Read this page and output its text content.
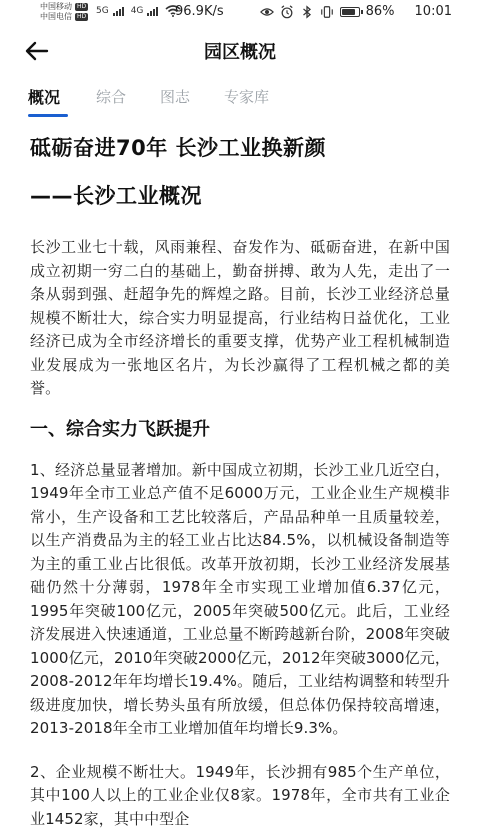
中国移动 HD
中国电信 HD
5G 4G 96.9K/s	86% 10:01
园区概况
概况 综合 图志 专家库
砥砺奋进70年 长沙工业换新颜
——长沙工业概况

长沙工业七十载，风雨兼程、奋发作为、砥砺奋进，在新中国成立初期一穷二白的基础上，勤奋拼搏、敢为人先，走出了一条从弱到强、赶超争先的辉煌之路。目前，长沙工业经济总量规模不断壮大，综合实力明显提高，行业结构日益优化，工业经济已成为全市经济增长的重要支撑，优势产业工程机械制造业发展成为一张地区名片，为长沙赢得了工程机械之都的美誉。

一、综合实力飞跃提升

1、经济总量显著增加。新中国成立初期，长沙工业几近空白，1949年全市工业总产值不足6000万元，工业企业生产规模非常小，生产设备和工艺比较落后，产品品种单一且质量较差，以生产消费品为主的轻工业占比达84.5%，以机械设备制造等为主的重工业占比很低。改革开放初期，长沙工业经济发展基础仍然十分薄弱，1978年全市实现工业增加值6.37亿元，1995年突破100亿元，2005年突破500亿元。此后，工业经济发展进入快速通道，工业总量不断跨越新台阶，2008年突破1000亿元，2010年突破2000亿元，2012年突破3000亿元，2008-2012年年均增长19.4%。随后，工业结构调整和转型升级进度加快，增长势头虽有所放缓，但总体仍保持较高增速，2013-2018年全市工业增加值年均增长9.3%。

2、企业规模不断壮大。1949年，长沙拥有985个生产单位，其中100人以上的工业企业仅8家。1978年，全市共有工业企业1452家，其中中型企
